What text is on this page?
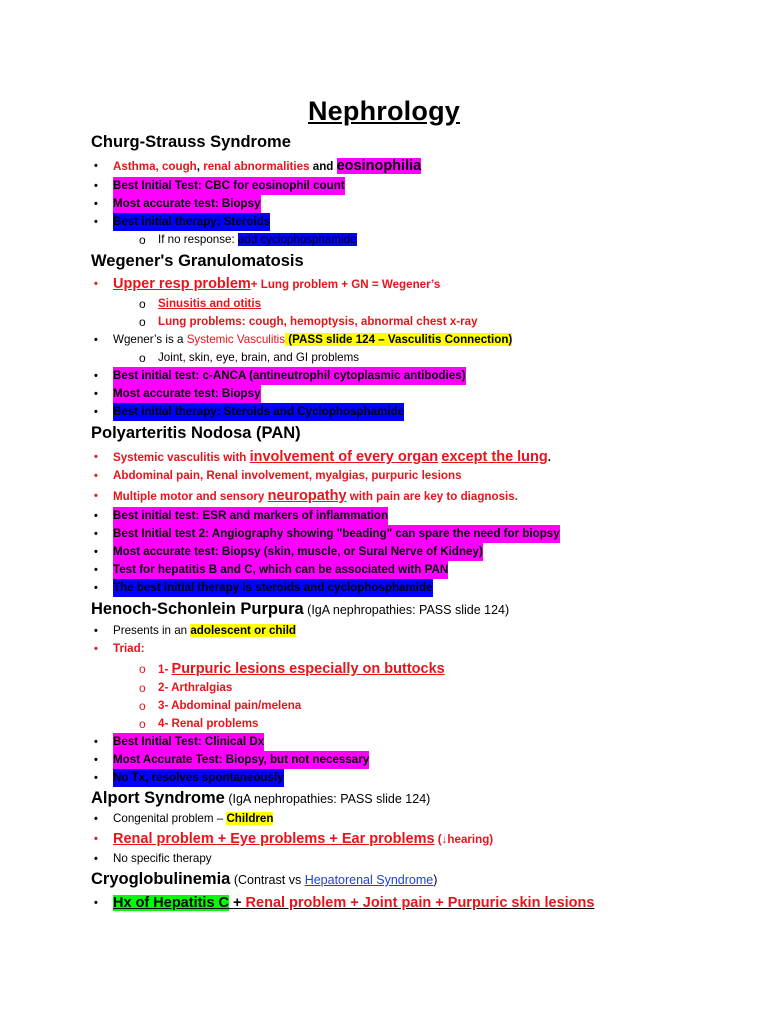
Nephrology
Churg-Strauss Syndrome
• Asthma, cough, renal abnormalities and eosinophilia
• Best Initial Test: CBC for eosinophil count
• Most accurate test: Biopsy
• Best initial therapy: Steroids
o If no response: add cyclophosphamide
Wegener's Granulomatosis
• Upper resp problem+ Lung problem + GN = Wegener’s
o Sinusitis and otitis
o Lung problems: cough, hemoptysis, abnormal chest x-ray
• Wgener’s is a Systemic Vasculitis (PASS slide 124 – Vasculitis Connection)
o Joint, skin, eye, brain, and GI problems
• Best initial test: c-ANCA (antineutrophil cytoplasmic antibodies)
• Most accurate test: Biopsy
• Best initial therapy: Steroids and Cyclophosphamide
Polyarteritis Nodosa (PAN)
• Systemic vasculitis with involvement of every organ except the lung.
• Abdominal pain, Renal involvement, myalgias, purpuric lesions
• Multiple motor and sensory neuropathy with pain are key to diagnosis.
• Best initial test: ESR and markers of inflammation
• Best Initial test 2: Angiography showing "beading" can spare the need for biopsy
• Most accurate test: Biopsy (skin, muscle, or Sural Nerve of Kidney)
• Test for hepatitis B and C, which can be associated with PAN
• The best initial therapy is steroids and cyclophosphamide
Henoch-Schonlein Purpura (IgA nephropathies: PASS slide 124)
• Presents in an adolescent or child
• Triad:
o 1- Purpuric lesions especially on buttocks
o 2- Arthralgias
o 3- Abdominal pain/melena
o 4- Renal problems
• Best Initial Test: Clinical Dx
• Most Accurate Test: Biopsy, but not necessary
• No Tx, resolves spontaneously
Alport Syndrome (IgA nephropathies: PASS slide 124)
• Congenital problem – Children
• Renal problem + Eye problems + Ear problems (↓hearing)
• No specific therapy
Cryoglobulinemia (Contrast vs Hepatorenal Syndrome)
• Hx of Hepatitis C + Renal problem + Joint pain + Purpuric skin lesions
